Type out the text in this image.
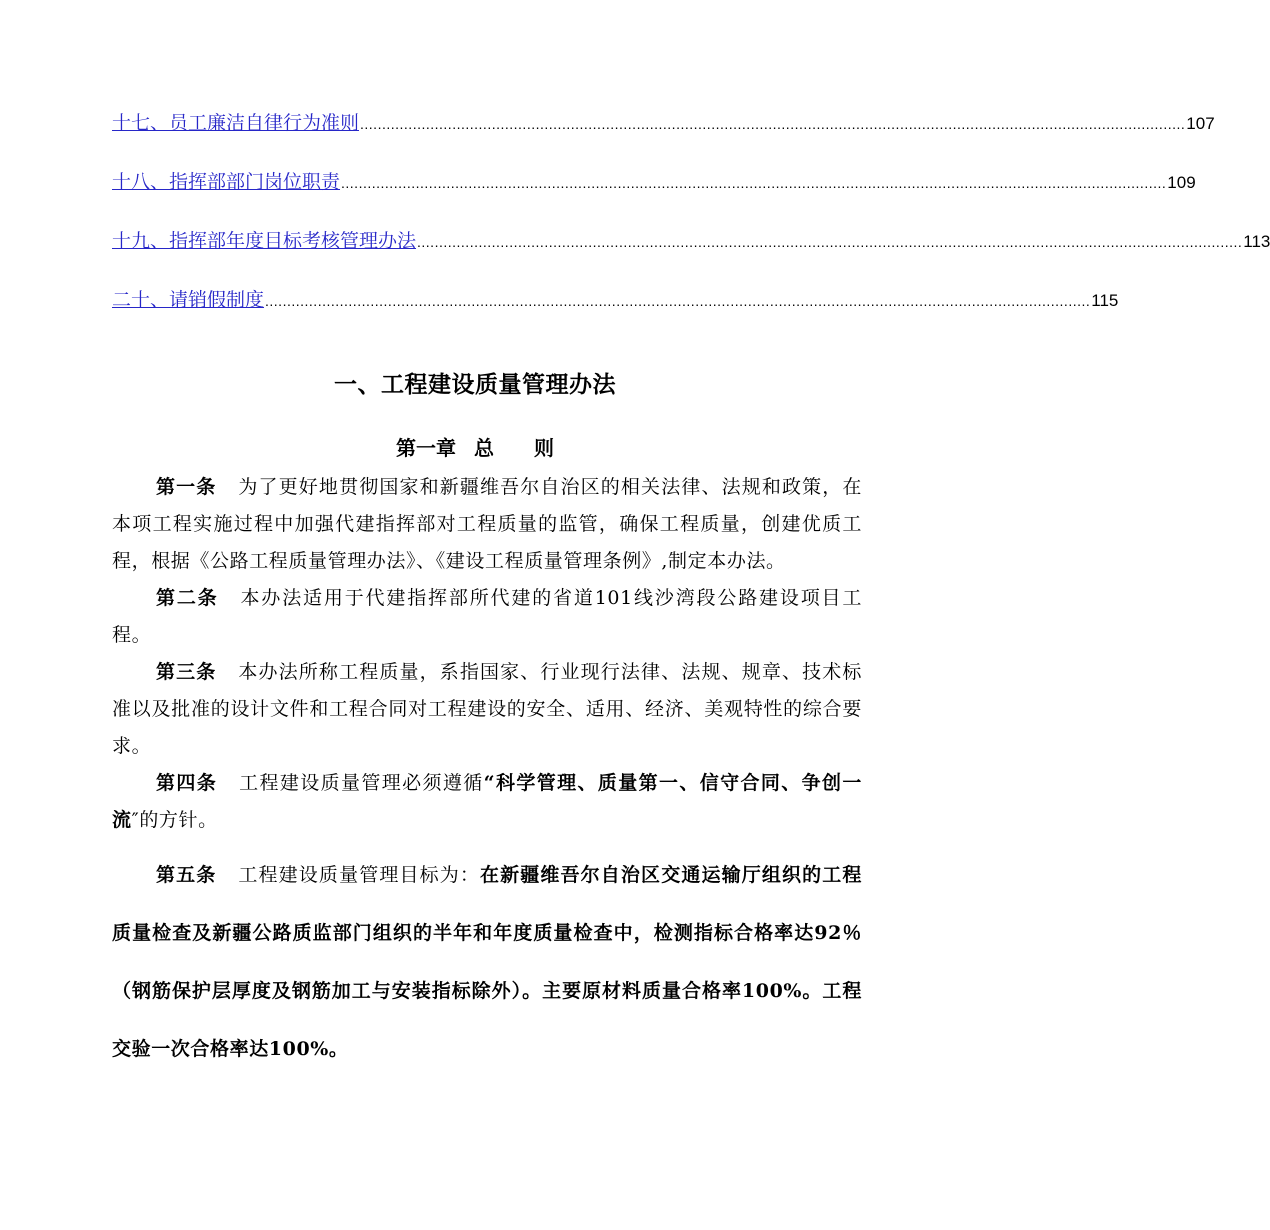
十七、员工廉洁自律行为准则 ............................................................................................................................................................................................ 107
十八、指挥部部门岗位职责 ............................................................................................................................................................................................ 109
十九、指挥部年度目标考核管理办法 ............................................................................................................................................................................................ 113
二十、请销假制度 ............................................................................................................................................................................................ 115
一、工程建设质量管理办法
第一章 总 则

第一条 为了更好地贯彻国家和新疆维吾尔自治区的相关法律、法规和政策，在本项工程实施过程中加强代建指挥部对工程质量的监管，确保工程质量，创建优质工程，根据《公路工程质量管理办法》、《建设工程质量管理条例》,制定本办法。

第二条 本办法适用于代建指挥部所代建的省道101线沙湾段公路建设项目工程。

第三条 本办法所称工程质量，系指国家、行业现行法律、法规、规章、技术标准以及批准的设计文件和工程合同对工程建设的安全、适用、经济、美观特性的综合要求。

第四条 工程建设质量管理必须遵循“科学管理、质量第一、信守合同、争创一流″的方针。

第五条 工程建设质量管理目标为：在新疆维吾尔自治区交通运输厅组织的工程质量检查及新疆公路质监部门组织的半年和年度质量检查中，检测指标合格率达92％（钢筋保护层厚度及钢筋加工与安装指标除外）。主要原材料质量合格率100%。工程交验一次合格率达100%。
